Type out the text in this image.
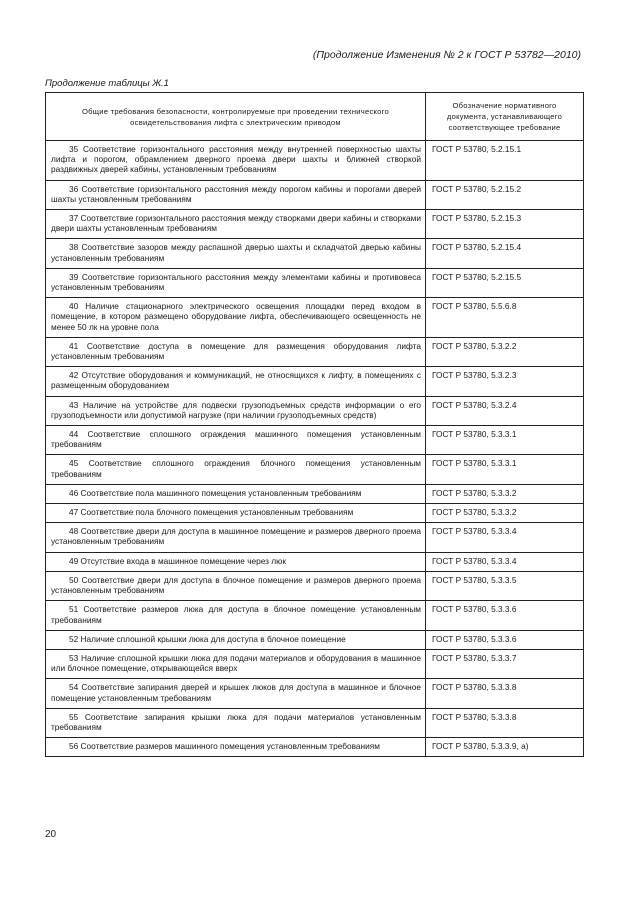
(Продолжение Изменения № 2 к ГОСТ Р 53782—2010)
Продолжение таблицы Ж.1
Общие требования безопасности, контролируемые при проведении технического освидетельствования лифта с электрическим приводом	Обозначение нормативного документа, устанавливающего соответствующее требование
35 Соответствие горизонтального расстояния между внутренней поверхностью шахты лифта и порогом, обрамлением дверного проема двери шахты и ближней створкой раздвижных дверей кабины, установленным требованиям	ГОСТ Р 53780, 5.2.15.1
36 Соответствие горизонтального расстояния между порогом кабины и порогами дверей шахты установленным требованиям	ГОСТ Р 53780, 5.2.15.2
37 Соответствие горизонтального расстояния между створками двери кабины и створками двери шахты установленным требованиям	ГОСТ Р 53780, 5.2.15.3
38 Соответствие зазоров между распашной дверью шахты и складчатой дверью кабины установленным требованиям	ГОСТ Р 53780, 5.2.15.4
39 Соответствие горизонтального расстояния между элементами кабины и противовеса установленным требованиям	ГОСТ Р 53780, 5.2.15.5
40 Наличие стационарного электрического освещения площадки перед входом в помещение, в котором размещено оборудование лифта, обеспечивающего освещенность не менее 50 лк на уровне пола	ГОСТ Р 53780, 5.5.6.8
41 Соответствие доступа в помещение для размещения оборудования лифта установленным требованиям	ГОСТ Р 53780, 5.3.2.2
42 Отсутствие оборудования и коммуникаций, не относящихся к лифту, в помещениях с размещенным оборудованием	ГОСТ Р 53780, 5.3.2.3
43 Наличие на устройстве для подвески грузоподъемных средств информации о его грузоподъемности или допустимой нагрузке (при наличии грузоподъемных средств)	ГОСТ Р 53780, 5.3.2.4
44 Соответствие сплошного ограждения машинного помещения установленным требованиям	ГОСТ Р 53780, 5.3.3.1
45 Соответствие сплошного ограждения блочного помещения установленным требованиям	ГОСТ Р 53780, 5.3.3.1
46 Соответствие пола машинного помещения установленным требованиям	ГОСТ Р 53780, 5.3.3.2
47 Соответствие пола блочного помещения установленным требованиям	ГОСТ Р 53780, 5.3.3.2
48 Соответствие двери для доступа в машинное помещение и размеров дверного проема установленным требованиям	ГОСТ Р 53780, 5.3.3.4
49 Отсутствие входа в машинное помещение через люк	ГОСТ Р 53780, 5.3.3.4
50 Соответствие двери для доступа в блочное помещение и размеров дверного проема установленным требованиям	ГОСТ Р 53780, 5.3.3.5
51 Соответствие размеров люка для доступа в блочное помещение установленным требованиям	ГОСТ Р 53780, 5.3.3.6
52 Наличие сплошной крышки люка для доступа в блочное помещение	ГОСТ Р 53780, 5.3.3.6
53 Наличие сплошной крышки люка для подачи материалов и оборудования в машинное или блочное помещение, открывающейся вверх	ГОСТ Р 53780, 5.3.3.7
54 Соответствие запирания дверей и крышек люков для доступа в машинное и блочное помещение установленным требованиям	ГОСТ Р 53780, 5.3.3.8
55 Соответствие запирания крышки люка для подачи материалов установленным требованиям	ГОСТ Р 53780, 5.3.3.8
56 Соответствие размеров машинного помещения установленным требованиям	ГОСТ Р 53780, 5.3.3.9, а)
20
